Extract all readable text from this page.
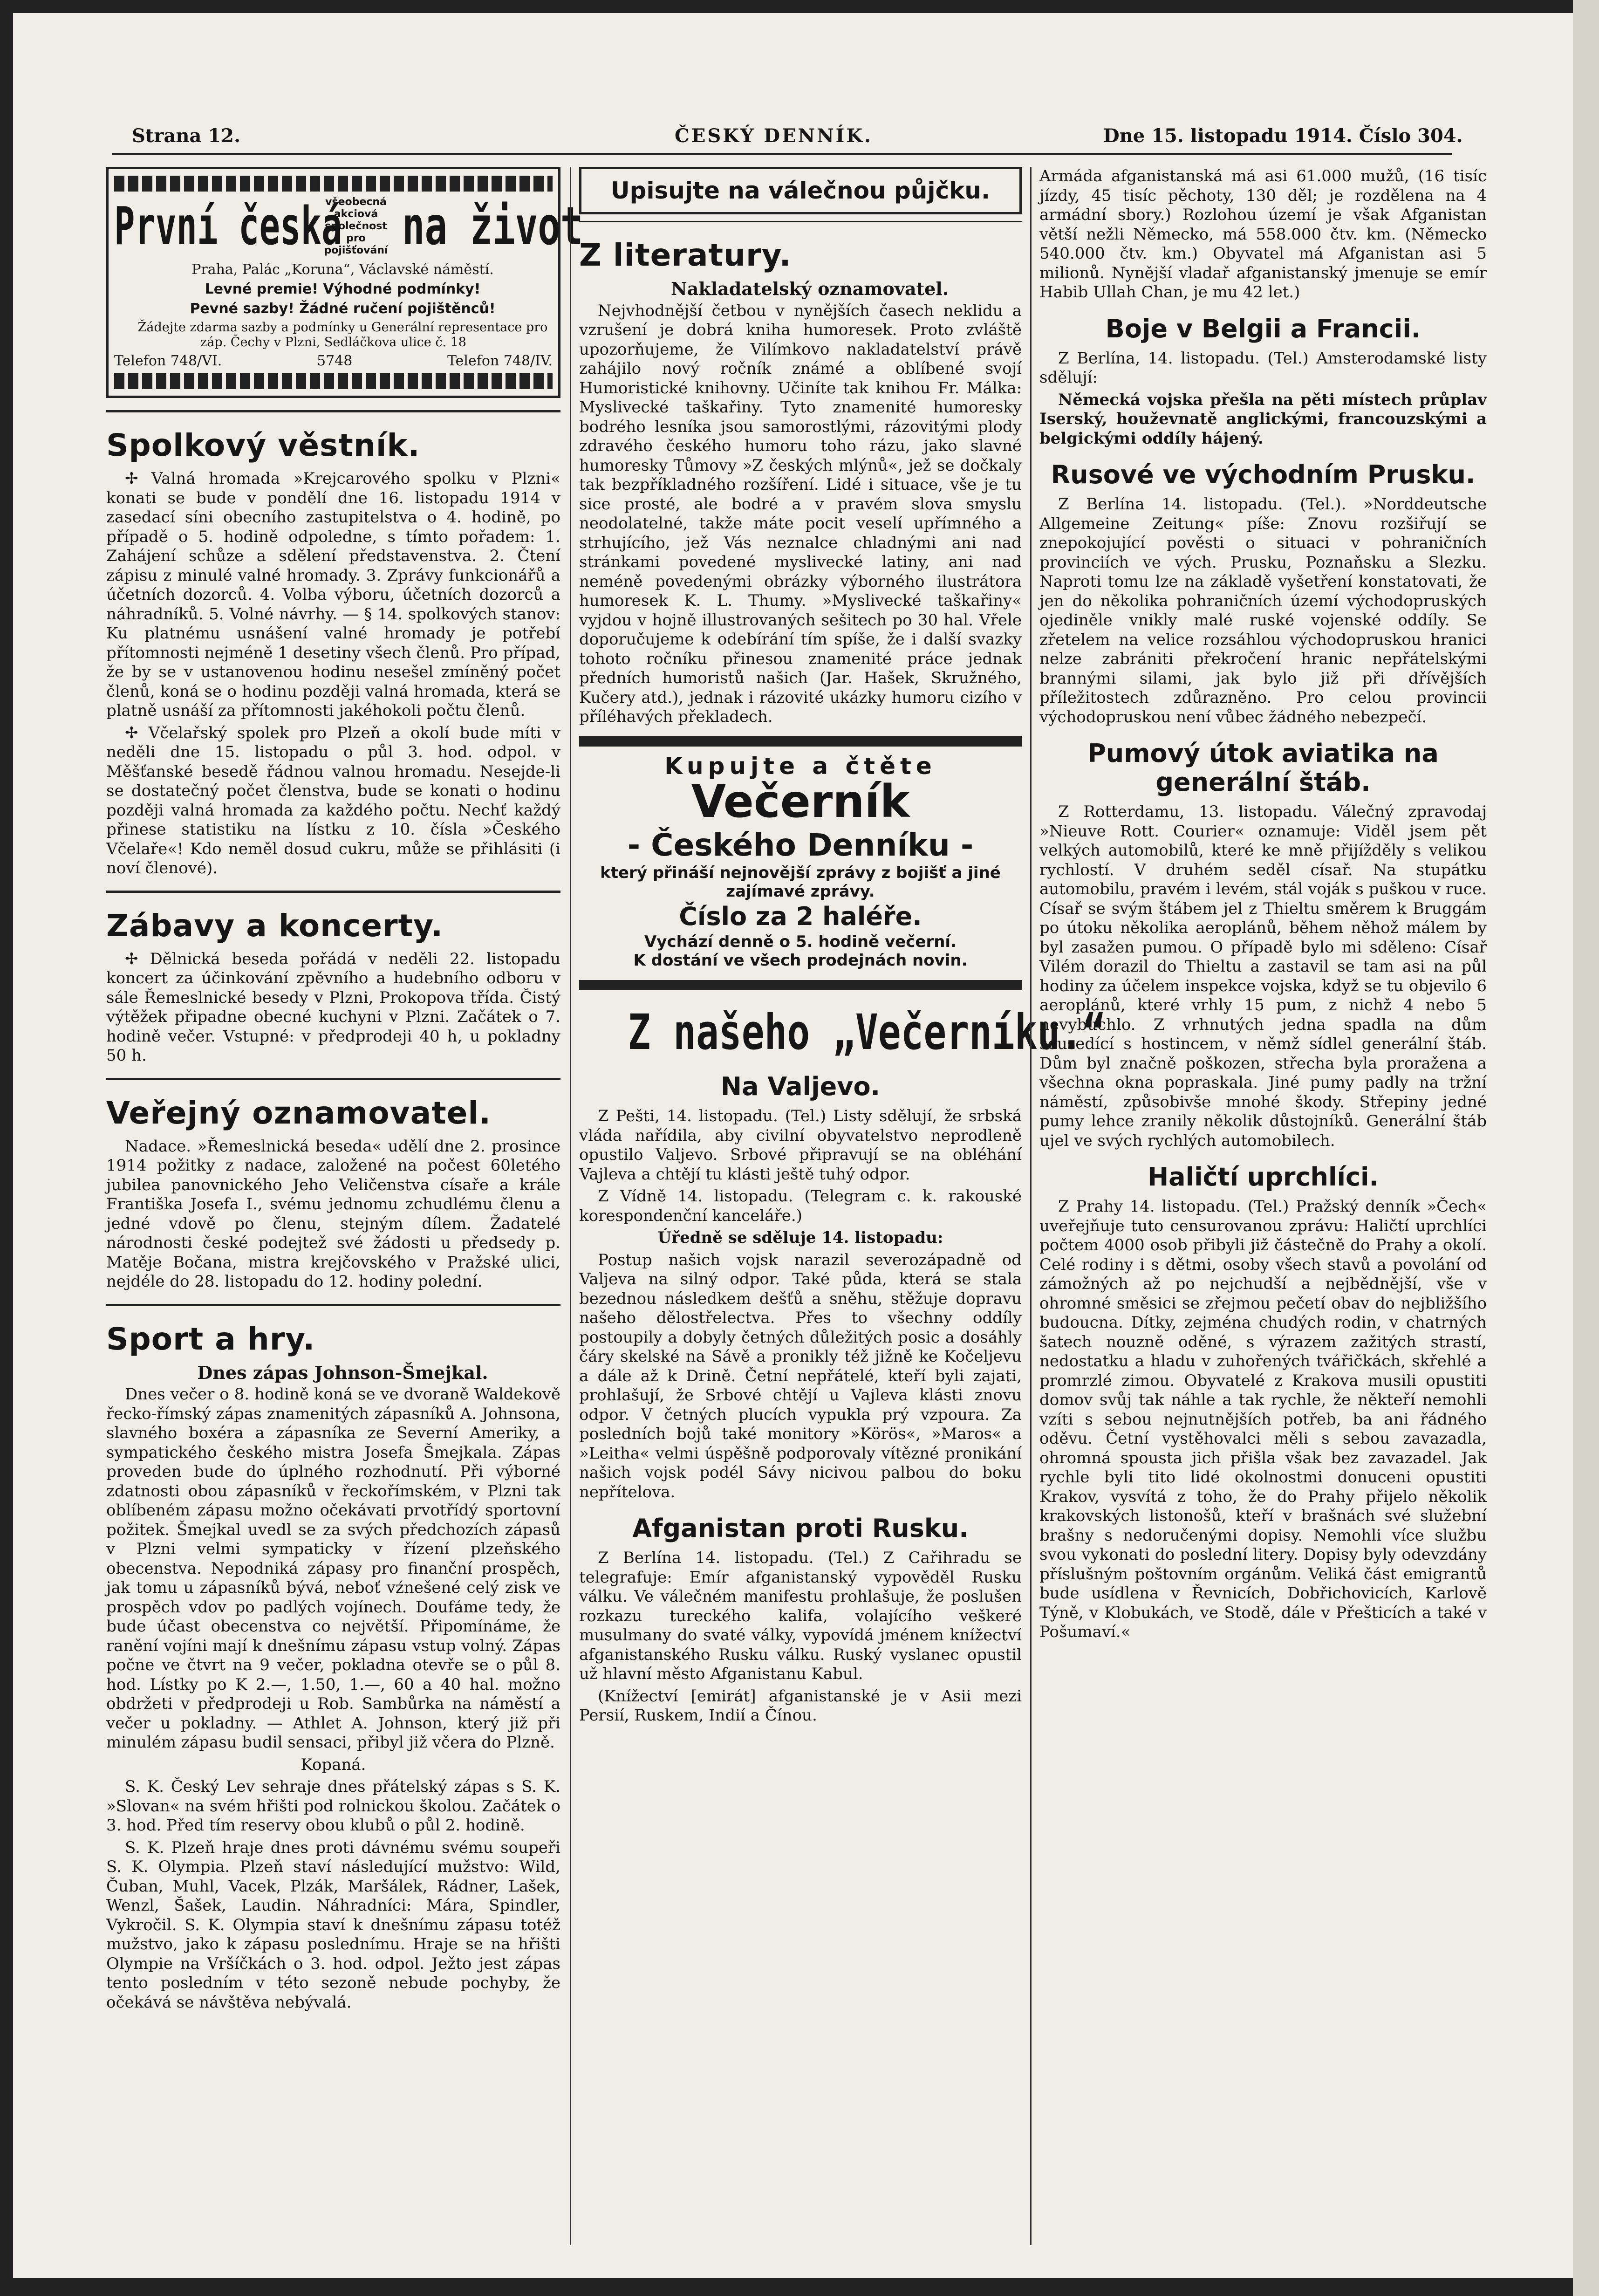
Strana 12.	ČESKÝ DENNÍK.	Dne 15. listopadu 1914. Číslo 304.
První česká
všeobecná akciová společnost pro pojišťování na život

Praha, Palác „Koruna“, Václavské náměstí.

Levné premie! Výhodné podmínky!

Pevné sazby! Žádné ručení pojištěnců!

Žádejte zdarma sazby a podmínky u Generální representace pro záp. Čechy v Plzni, Sedláčkova ulice č. 18

Telefon 748/VI.	5748	Telefon 748/IV.
Spolkový věstník.

✢ Valná hromada »Krejcarového spolku v Plzni« konati se bude v pondělí dne 16. listopadu 1914 v zasedací síni obecního zastupitelstva o 4. hodině, po případě o 5. hodině odpoledne, s tímto pořadem: 1. Zahájení schůze a sdělení představenstva. 2. Čtení zápisu z minulé valné hromady. 3. Zprávy funkcionářů a účetních dozorců. 4. Volba výboru, účetních dozorců a náhradníků. 5. Volné návrhy. — § 14. spolkových stanov: Ku platnému usnášení valné hromady je potřebí přítomnosti nejméně 1 desetiny všech členů. Pro případ, že by se v ustanovenou hodinu nesešel zmíněný počet členů, koná se o hodinu později valná hromada, která se platně usnáší za přítomnosti jakéhokoli počtu členů.

✢ Včelařský spolek pro Plzeň a okolí bude míti v neděli dne 15. listopadu o půl 3. hod. odpol. v Měšťanské besedě řádnou valnou hromadu. Nesejde-li se dostatečný počet členstva, bude se konati o hodinu později valná hromada za každého počtu. Nechť každý přinese statistiku na lístku z 10. čísla »Českého Včelaře«! Kdo neměl dosud cukru, může se přihlásiti (i noví členové).

Zábavy a koncerty.

✢ Dělnická beseda pořádá v neděli 22. listopadu koncert za účinkování zpěvního a hudebního odboru v sále Řemeslnické besedy v Plzni, Prokopova třída. Čistý výtěžek připadne obecné kuchyni v Plzni. Začátek o 7. hodině večer. Vstupné: v předprodeji 40 h, u pokladny 50 h.

Veřejný oznamovatel.

Nadace. »Řemeslnická beseda« udělí dne 2. prosince 1914 požitky z nadace, založené na počest 60letého jubilea panovnického Jeho Veličenstva císaře a krále Františka Josefa I., svému jednomu zchudlému členu a jedné vdově po členu, stejným dílem. Žadatelé národnosti české podejtež své žádosti u předsedy p. Matěje Bočana, mistra krejčovského v Pražské ulici, nejdéle do 28. listopadu do 12. hodiny polední.

Sport a hry.

Dnes zápas Johnson-Šmejkal.

Dnes večer o 8. hodině koná se ve dvoraně Waldekově řecko-římský zápas znamenitých zápasníků A. Johnsona, slavného boxéra a zápasníka ze Severní Ameriky, a sympatického českého mistra Josefa Šmejkala. Zápas proveden bude do úplného rozhodnutí. Při výborné zdatnosti obou zápasníků v řeckořímském, v Plzni tak oblíbeném zápasu možno očekávati prvotřídý sportovní požitek. Šmejkal uvedl se za svých předchozích zápasů v Plzni velmi sympaticky v řízení plzeňského obecenstva. Nepodniká zápasy pro finanční prospěch, jak tomu u zápasníků bývá, neboť vźnešené celý zisk ve prospěch vdov po padlých vojínech. Doufáme tedy, že bude účast obecenstva co největší. Připomínáme, že ranění vojíni mají k dnešnímu zápasu vstup volný. Zápas počne ve čtvrt na 9 večer, pokladna otevře se o půl 8. hod. Lístky po K 2.—, 1.50, 1.—, 60 a 40 hal. možno obdržeti v předprodeji u Rob. Sambůrka na náměstí a večer u pokladny. — Athlet A. Johnson, který již při minulém zápasu budil sensaci, přibyl již včera do Plzně.

Kopaná.

S. K. Český Lev sehraje dnes přátelský zápas s S. K. »Slovan« na svém hřišti pod rolnickou školou. Začátek o 3. hod. Před tím reservy obou klubů o půl 2. hodině.

S. K. Plzeň hraje dnes proti dávnému svému soupeři S. K. Olympia. Plzeň staví následující mužstvo: Wild, Čuban, Muhl, Vacek, Plzák, Maršálek, Rádner, Lašek, Wenzl, Šašek, Laudin. Náhradníci: Mára, Spindler, Vykročil. S. K. Olympia staví k dnešnímu zápasu totéž mužstvo, jako k zápasu poslednímu. Hraje se na hřišti Olympie na Vršíčkách o 3. hod. odpol. Ježto jest zápas tento posledním v této sezoně nebude pochyby, že očekává se návštěva nebývalá.

Upisujte na válečnou půjčku.
Z literatury.

Nakladatelský oznamovatel.

Nejvhodnější četbou v nynějších časech neklidu a vzrušení je dobrá kniha humoresek. Proto zvláště upozorňujeme, že Vilímkovo nakladatelství právě zahájilo nový ročník známé a oblíbené svojí Humoristické knihovny. Učiníte tak knihou Fr. Málka: Myslivecké taškařiny. Tyto znamenité humoresky bodrého lesníka jsou samorostlými, rázovitými plody zdravého českého humoru toho rázu, jako slavné humoresky Tůmovy »Z českých mlýnů«, jež se dočkaly tak bezpříkladného rozšíření. Lidé i situace, vše je tu sice prosté, ale bodré a v pravém slova smyslu neodolatelné, takže máte pocit veselí upřímného a strhujícího, jež Vás neznalce chladnými ani nad stránkami povedené myslivecké latiny, ani nad neméně povedenými obrázky výborného ilustrátora humoresek K. L. Thumy. »Myslivecké taškařiny« vyjdou v hojně illustrovaných sešitech po 30 hal. Vřele doporučujeme k odebírání tím spíše, že i další svazky tohoto ročníku přinesou znamenité práce jednak předních humoristů našich (Jar. Hašek, Skružného, Kučery atd.), jednak i rázovité ukázky humoru cizího v příléhavých překladech.

Kupujte a čtěte
Večerník
- Českého Denníku -
který přináší nejnovější zprávy z bojišť a jiné zajímavé zprávy.
Číslo za 2 haléře.
Vychází denně o 5. hodině večerní.
K dostání ve všech prodejnách novin.
Z našeho „Večerníku.“
Na Valjevo.

Z Pešti, 14. listopadu. (Tel.) Listy sdělují, že srbská vláda nařídila, aby civilní obyvatelstvo neprodleně opustilo Valjevo. Srbové připravují se na obléhání Vajleva a chtějí tu klásti ještě tuhý odpor.

Z Vídně 14. listopadu. (Telegram c. k. rakouské korespondenční kanceláře.)

Úředně se sděluje 14. listopadu:

Postup našich vojsk narazil severozápadně od Valjeva na silný odpor. Také půda, která se stala bezednou následkem dešťů a sněhu, stěžuje dopravu našeho dělostřelectva. Přes to všechny oddíly postoupily a dobyly četných důležitých posic a dosáhly čáry skelské na Sávě a pronikly též jižně ke Kočeljevu a dále až k Drině. Četní nepřátelé, kteří byli zajati, prohlašují, že Srbové chtějí u Vajleva klásti znovu odpor. V četných plucích vypukla prý vzpoura. Za posledních bojů také monitory »Körös«, »Maros« a »Leitha« velmi úspěšně podporovaly vítězné pronikání našich vojsk podél Sávy nicivou palbou do boku nepřítelova.

Afganistan proti Rusku.

Z Berlína 14. listopadu. (Tel.) Z Cařihradu se telegrafuje: Emír afganistanský vypověděl Rusku válku. Ve válečném manifestu prohlašuje, že poslušen rozkazu tureckého kalifa, volajícího veškeré musulmany do svaté války, vypovídá jménem knížectví afganistanského Rusku válku. Ruský vyslanec opustil už hlavní město Afganistanu Kabul.

(Knížectví [emirát] afganistanské je v Asii mezi Persií, Ruskem, Indií a Čínou.

Armáda afganistanská má asi 61.000 mužů, (16 tisíc jízdy, 45 tisíc pěchoty, 130 děl; je rozdělena na 4 armádní sbory.) Rozlohou území je však Afganistan větší nežli Německo, má 558.000 čtv. km. (Německo 540.000 čtv. km.) Obyvatel má Afganistan asi 5 milionů. Nynější vladař afganistanský jmenuje se emír Habib Ullah Chan, je mu 42 let.)

Boje v Belgii a Francii.

Z Berlína, 14. listopadu. (Tel.) Amsterodamské listy sdělují:

Německá vojska přešla na pěti místech průplav Iserský, houževnatě anglickými, francouzskými a belgickými oddíly hájený.

Rusové ve východním Prusku.

Z Berlína 14. listopadu. (Tel.). »Norddeutsche Allgemeine Zeitung« píše: Znovu rozšiřují se znepokojující pověsti o situaci v pohraničních provinciích ve vých. Prusku, Poznaňsku a Slezku. Naproti tomu lze na základě vyšetření konstatovati, že jen do několika pohraničních území východopruských ojediněle vnikly malé ruské vojenské oddíly. Se zřetelem na velice rozsáhlou východopruskou hranici nelze zabrániti překročení hranic nepřátelskými brannými silami, jak bylo již při dřívějších příležitostech zdůrazněno. Pro celou provincii východopruskou není vůbec žádného nebezpečí.

Pumový útok aviatika na generální štáb.

Z Rotterdamu, 13. listopadu. Válečný zpravodaj »Nieuve Rott. Courier« oznamuje: Viděl jsem pět velkých automobilů, které ke mně přijížděly s velikou rychlostí. V druhém seděl císař. Na stupátku automobilu, pravém i levém, stál voják s puškou v ruce. Císař se svým štábem jel z Thieltu směrem k Bruggám po útoku několika aeroplánů, během něhož málem by byl zasažen pumou. O případě bylo mi sděleno: Císař Vilém dorazil do Thieltu a zastavil se tam asi na půl hodiny za účelem inspekce vojska, když se tu objevilo 6 aeroplánů, které vrhly 15 pum, z nichž 4 nebo 5 nevybuchlo. Z vrhnutých jedna spadla na dům sousedící s hostincem, v němž sídlel generální štáb. Dům byl značně poškozen, střecha byla proražena a všechna okna popraskala. Jiné pumy padly na tržní náměstí, způsobivše mnohé škody. Střepiny jedné pumy lehce zranily několik důstojníků. Generální štáb ujel ve svých rychlých automobilech.

Haličtí uprchlíci.

Z Prahy 14. listopadu. (Tel.) Pražský denník »Čech« uveřejňuje tuto censurovanou zprávu: Haličtí uprchlíci počtem 4000 osob přibyli již částečně do Prahy a okolí. Celé rodiny i s dětmi, osoby všech stavů a povolání od zámožných až po nejchudší a nejbědnější, vše v ohromné směsici se zřejmou pečetí obav do nejbližšího budoucna. Dítky, zejména chudých rodin, v chatrných šatech nouzně oděné, s výrazem zažitých strastí, nedostatku a hladu v zuhořených tvářičkách, skřehlé a promrzlé zimou. Obyvatelé z Krakova musili opustiti domov svůj tak náhle a tak rychle, že někteří nemohli vzíti s sebou nejnutnějších potřeb, ba ani řádného oděvu. Četní vystěhovalci měli s sebou zavazadla, ohromná spousta jich přišla však bez zavazadel. Jak rychle byli tito lidé okolnostmi donuceni opustiti Krakov, vysvítá z toho, že do Prahy přijelo několik krakovských listonošů, kteří v brašnách své služební brašny s nedoručenými dopisy. Nemohli více službu svou vykonati do poslední litery. Dopisy byly odevzdány příslušným poštovním orgánům. Veliká část emigrantů bude usídlena v Řevnicích, Dobřichovicích, Karlově Týně, v Klobukách, ve Stodě, dále v Přešticích a také v Pošumaví.«
